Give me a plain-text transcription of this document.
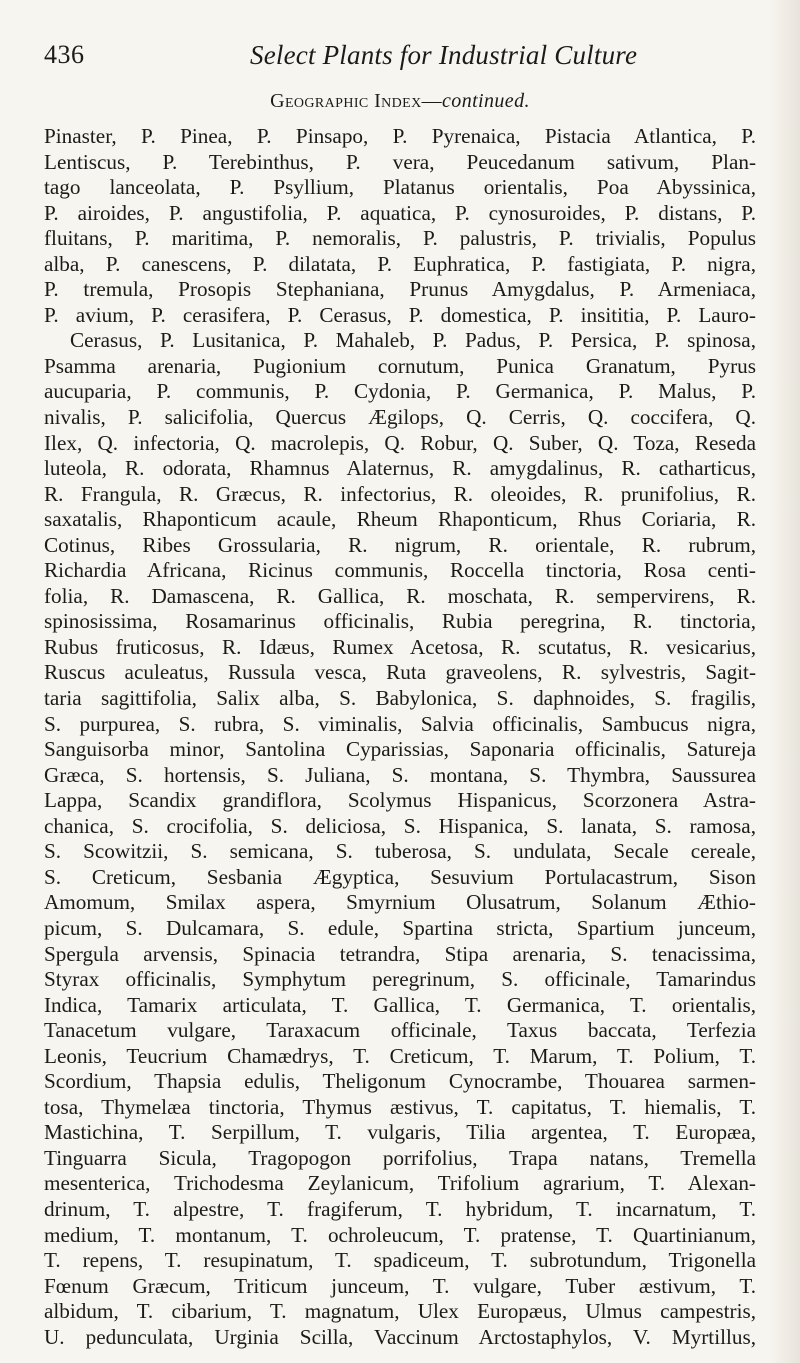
436	Select Plants for Industrial Culture
Geographic Index—continued.
Pinaster, P. Pinea, P. Pinsapo, P. Pyrenaica, Pistacia Atlantica, P.
Lentiscus, P. Terebinthus, P. vera, Peucedanum sativum, Plan-
tago lanceolata, P. Psyllium, Platanus orientalis, Poa Abyssinica,
P. airoides, P. angustifolia, P. aquatica, P. cynosuroides, P. distans, P.
fluitans, P. maritima, P. nemoralis, P. palustris, P. trivialis, Populus
alba, P. canescens, P. dilatata, P. Euphratica, P. fastigiata, P. nigra,
P. tremula, Prosopis Stephaniana, Prunus Amygdalus, P. Armeniaca,
P. avium, P. cerasifera, P. Cerasus, P. domestica, P. insititia, P. Lauro-
Cerasus, P. Lusitanica, P. Mahaleb, P. Padus, P. Persica, P. spinosa,
Psamma arenaria, Pugionium cornutum, Punica Granatum, Pyrus
aucuparia, P. communis, P. Cydonia, P. Germanica, P. Malus, P.
nivalis, P. salicifolia, Quercus Ægilops, Q. Cerris, Q. coccifera, Q.
Ilex, Q. infectoria, Q. macrolepis, Q. Robur, Q. Suber, Q. Toza, Reseda
luteola, R. odorata, Rhamnus Alaternus, R. amygdalinus, R. catharticus,
R. Frangula, R. Græcus, R. infectorius, R. oleoides, R. prunifolius, R.
saxatalis, Rhaponticum acaule, Rheum Rhaponticum, Rhus Coriaria, R.
Cotinus, Ribes Grossularia, R. nigrum, R. orientale, R. rubrum,
Richardia Africana, Ricinus communis, Roccella tinctoria, Rosa centi-
folia, R. Damascena, R. Gallica, R. moschata, R. sempervirens, R.
spinosissima, Rosamarinus officinalis, Rubia peregrina, R. tinctoria,
Rubus fruticosus, R. Idæus, Rumex Acetosa, R. scutatus, R. vesicarius,
Ruscus aculeatus, Russula vesca, Ruta graveolens, R. sylvestris, Sagit-
taria sagittifolia, Salix alba, S. Babylonica, S. daphnoides, S. fragilis,
S. purpurea, S. rubra, S. viminalis, Salvia officinalis, Sambucus nigra,
Sanguisorba minor, Santolina Cyparissias, Saponaria officinalis, Satureja
Græca, S. hortensis, S. Juliana, S. montana, S. Thymbra, Saussurea
Lappa, Scandix grandiflora, Scolymus Hispanicus, Scorzonera Astra-
chanica, S. crocifolia, S. deliciosa, S. Hispanica, S. lanata, S. ramosa,
S. Scowitzii, S. semicana, S. tuberosa, S. undulata, Secale cereale,
S. Creticum, Sesbania Ægyptica, Sesuvium Portulacastrum, Sison
Amomum, Smilax aspera, Smyrnium Olusatrum, Solanum Æthio-
picum, S. Dulcamara, S. edule, Spartina stricta, Spartium junceum,
Spergula arvensis, Spinacia tetrandra, Stipa arenaria, S. tenacissima,
Styrax officinalis, Symphytum peregrinum, S. officinale, Tamarindus
Indica, Tamarix articulata, T. Gallica, T. Germanica, T. orientalis,
Tanacetum vulgare, Taraxacum officinale, Taxus baccata, Terfezia
Leonis, Teucrium Chamædrys, T. Creticum, T. Marum, T. Polium, T.
Scordium, Thapsia edulis, Theligonum Cynocrambe, Thouarea sarmen-
tosa, Thymelæa tinctoria, Thymus æstivus, T. capitatus, T. hiemalis, T.
Mastichina, T. Serpillum, T. vulgaris, Tilia argentea, T. Europæa,
Tinguarra Sicula, Tragopogon porrifolius, Trapa natans, Tremella
mesenterica, Trichodesma Zeylanicum, Trifolium agrarium, T. Alexan-
drinum, T. alpestre, T. fragiferum, T. hybridum, T. incarnatum, T.
medium, T. montanum, T. ochroleucum, T. pratense, T. Quartinianum,
T. repens, T. resupinatum, T. spadiceum, T. subrotundum, Trigonella
Fœnum Græcum, Triticum junceum, T. vulgare, Tuber æstivum, T.
albidum, T. cibarium, T. magnatum, Ulex Europæus, Ulmus campestris,
U. pedunculata, Urginia Scilla, Vaccinum Arctostaphylos, V. Myrtillus,
